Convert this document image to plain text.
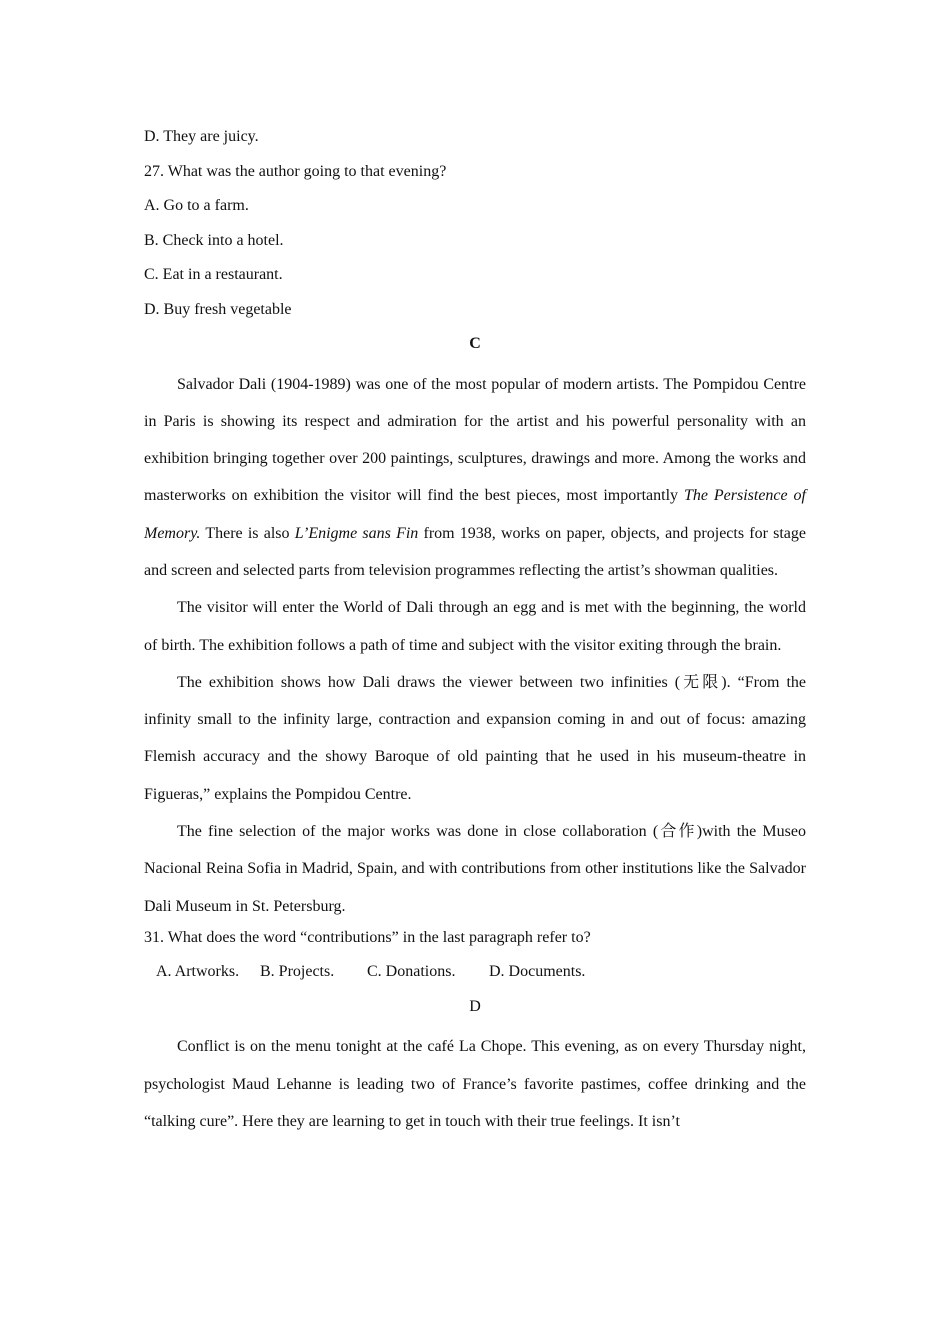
D. They are juicy.
27. What was the author going to that evening?
A. Go to a farm.
B. Check into a hotel.
C. Eat in a restaurant.
D. Buy fresh vegetable
C

Salvador Dali (1904-1989) was one of the most popular of modern artists. The Pompidou Centre in Paris is showing its respect and admiration for the artist and his powerful personality with an exhibition bringing together over 200 paintings, sculptures, drawings and more. Among the works and masterworks on exhibition the visitor will find the best pieces, most importantly The Persistence of Memory. There is also L’Enigme sans Fin from 1938, works on paper, objects, and projects for stage and screen and selected parts from television programmes reflecting the artist’s showman qualities.

The visitor will enter the World of Dali through an egg and is met with the beginning, the world of birth. The exhibition follows a path of time and subject with the visitor exiting through the brain.

The exhibition shows how Dali draws the viewer between two infinities (无限). “From the infinity small to the infinity large, contraction and expansion coming in and out of focus: amazing Flemish accuracy and the showy Baroque of old painting that he used in his museum-theatre in Figueras,” explains the Pompidou Centre.

The fine selection of the major works was done in close collaboration (合作)with the Museo Nacional Reina Sofia in Madrid, Spain, and with contributions from other institutions like the Salvador Dali Museum in St. Petersburg.

31. What does the word “contributions” in the last paragraph refer to?
A. Artworks. B. Projects. C. Donations. D. Documents.
D

Conflict is on the menu tonight at the café La Chope. This evening, as on every Thursday night, psychologist Maud Lehanne is leading two of France’s favorite pastimes, coffee drinking and the “talking cure”. Here they are learning to get in touch with their true feelings. It isn’t
